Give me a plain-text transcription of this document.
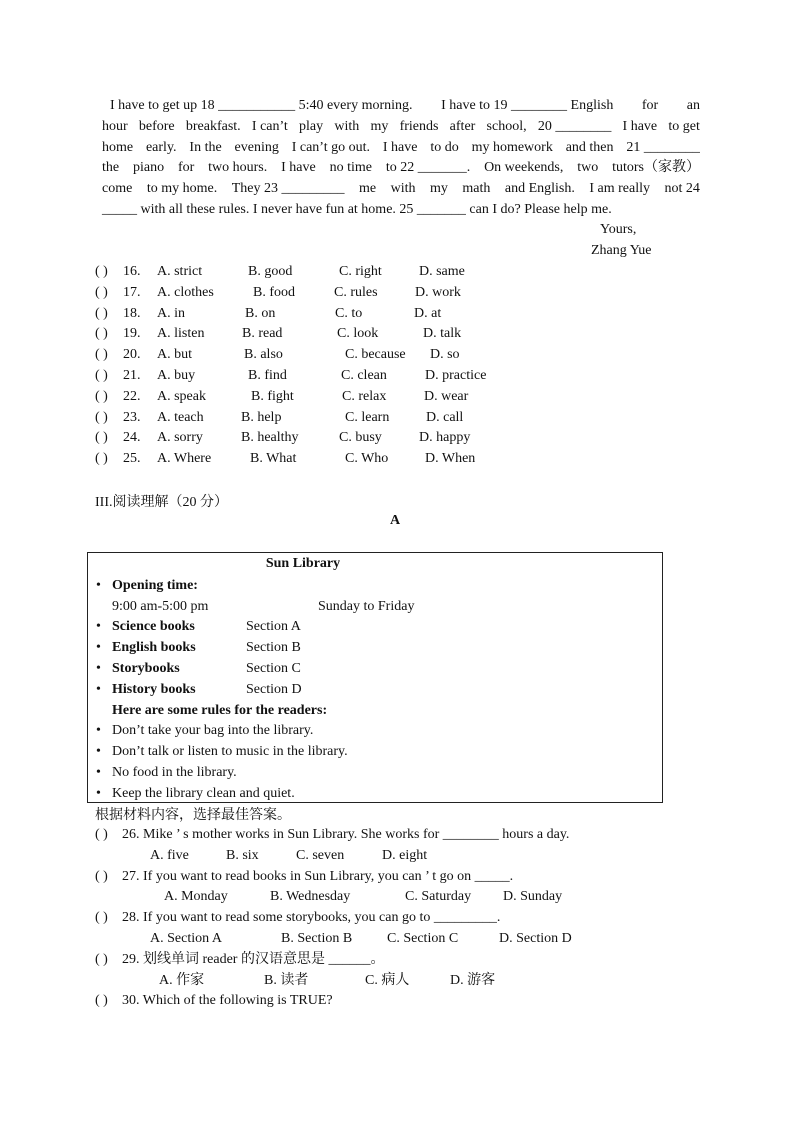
I have to get up 18 ___________ 5:40 every morning. I have to 19 ________ English for an
hour before breakfast. I can’t play with my friends after school, 20 ________ I have to get
home early. In the evening I can’t go out. I have to do my homework and then 21 ________
the piano for two hours. I have no time to 22 _______. On weekends, two tutors（家教）
come to my home. They 23 _________ me with my math and English. I am really not 24
_____ with all these rules. I never have fun at home. 25 _______ can I do? Please help me.
Yours,
Zhang Yue
( ) 16. A. strict	B. good	C. right	D. same
( ) 17. A. clothes	B. food	C. rules	D. work
( ) 18. A. in	B. on	C. to	D. at
( ) 19. A. listen	B. read	C. look	D. talk
( ) 20. A. but	B. also	C. because D. so
( ) 21. A. buy	B. find	C. clean	D. practice
( ) 22. A. speak	B. fight	C. relax	D. wear
( ) 23. A. teach	B. help	C. learn	D. call
( ) 24. A. sorry	B. healthy	C. busy	D. happy
( ) 25. A. Where	B. What	C. Who	D. When
III.阅读理解（20 分）
A
Sun Library
• Opening time:
9:00 am-5:00 pm	Sunday to Friday
• Science books	Section A
• English books	Section B
• Storybooks	Section C
• History books	Section D
Here are some rules for the readers:
• Don’t take your bag into the library.
• Don’t talk or listen to music in the library.
• No food in the library.
• Keep the library clean and quiet.
根据材料内容，选择最佳答案。
( ) 26. Mike ’ s mother works in Sun Library. She works for ________ hours a day.
A. five	B. six	C. seven	D. eight
( ) 27. If you want to read books in Sun Library, you can ’ t go on _____.
A. Monday	B. Wednesday	C. Saturday D. Sunday
( ) 28. If you want to read some storybooks, you can go to _________.
A. Section A	B. Section B C. Section C	D. Section D
( ) 29. 划线单词 reader 的汉语意思是 ______。
A. 作家	B. 读者	C. 病人	D. 游客
( ) 30. Which of the following is TRUE?
